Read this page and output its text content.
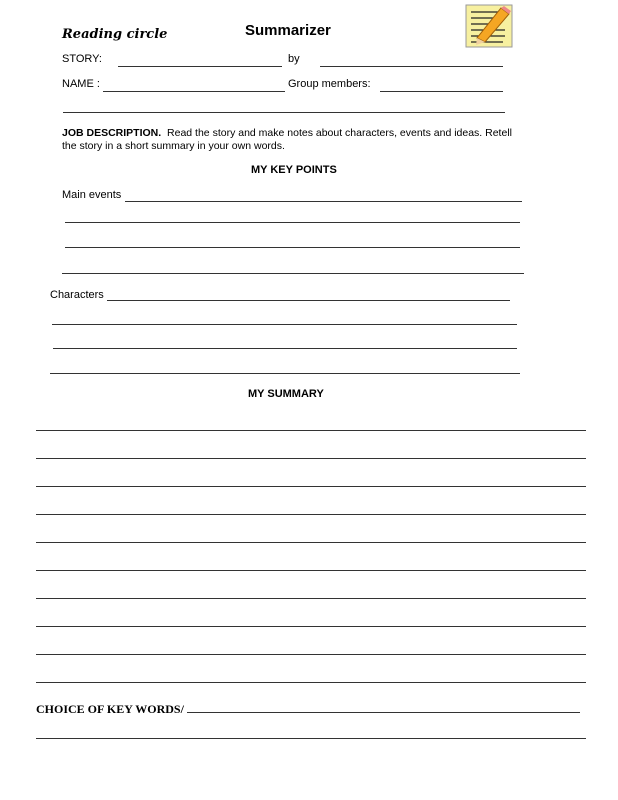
Reading circle	Summarizer
STORY:	by
NAME :	Group members:
JOB DESCRIPTION. Read the story and make notes about characters, events and ideas. Retell
the story in a short summary in your own words.
MY KEY POINTS
Main events
Characters
MY SUMMARY
CHOICE OF KEY WORDS/
